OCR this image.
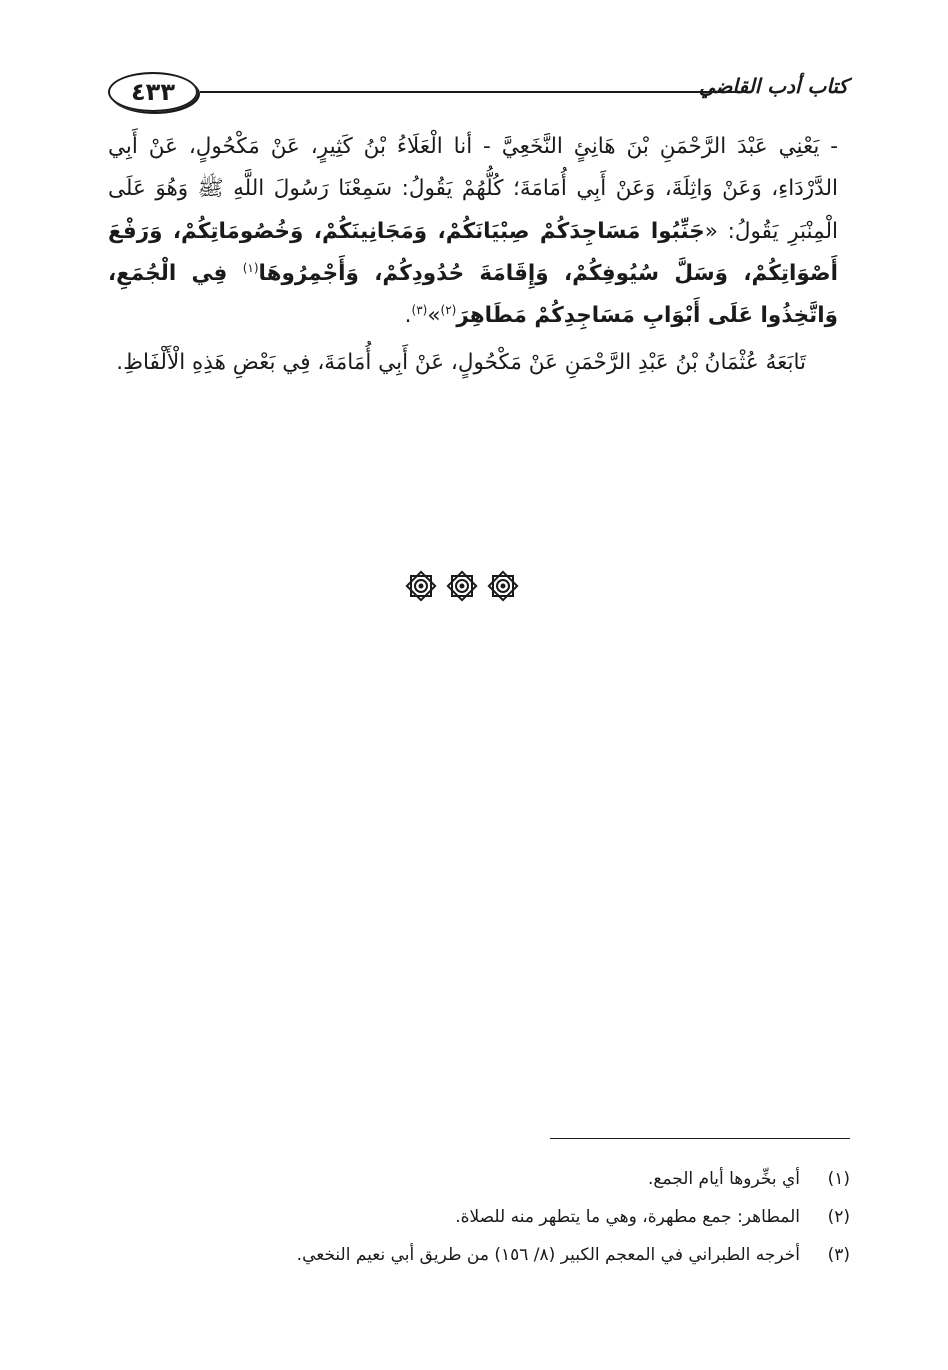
٤٣٣	كتاب أدب القاضي

- يَعْنِي عَبْدَ الرَّحْمَنِ بْنَ هَانِئٍ النَّخَعِيَّ - أنا الْعَلَاءُ بْنُ كَثِيرٍ، عَنْ مَكْحُولٍ، عَنْ أَبِي الدَّرْدَاءِ، وَعَنْ وَاثِلَةَ، وَعَنْ أَبِي أُمَامَةَ؛ كُلُّهُمْ يَقُولُ: سَمِعْنَا رَسُولَ اللَّهِ ﷺ وَهُوَ عَلَى الْمِنْبَرِ يَقُولُ: «جَنِّبُوا مَسَاجِدَكُمْ صِبْيَانَكُمْ، وَمَجَانِينَكُمْ، وَخُصُومَاتِكُمْ، وَرَفْعَ أَصْوَاتِكُمْ، وَسَلَّ سُيُوفِكُمْ، وَإِقَامَةَ حُدُودِكُمْ، وَأَجْمِرُوهَا$^{(١)}$ فِي الْجُمَعِ، وَاتَّخِذُوا عَلَى أَبْوَابِ مَسَاجِدِكُمْ مَطَاهِرَ$^{(٢)}$»$^{(٣)}$.

تَابَعَهُ عُثْمَانُ بْنُ عَبْدِ الرَّحْمَنِ عَنْ مَكْحُولٍ، عَنْ أَبِي أُمَامَةَ، فِي بَعْضِ هَذِهِ الْأَلْفَاظِ.

(١)
أي بخِّروها أيام الجمع.
(٢)
المطاهر: جمع مطهرة، وهي ما يتطهر منه للصلاة.
(٣)
أخرجه الطبراني في المعجم الكبير (٨/ ١٥٦) من طريق أبي نعيم النخعي.
